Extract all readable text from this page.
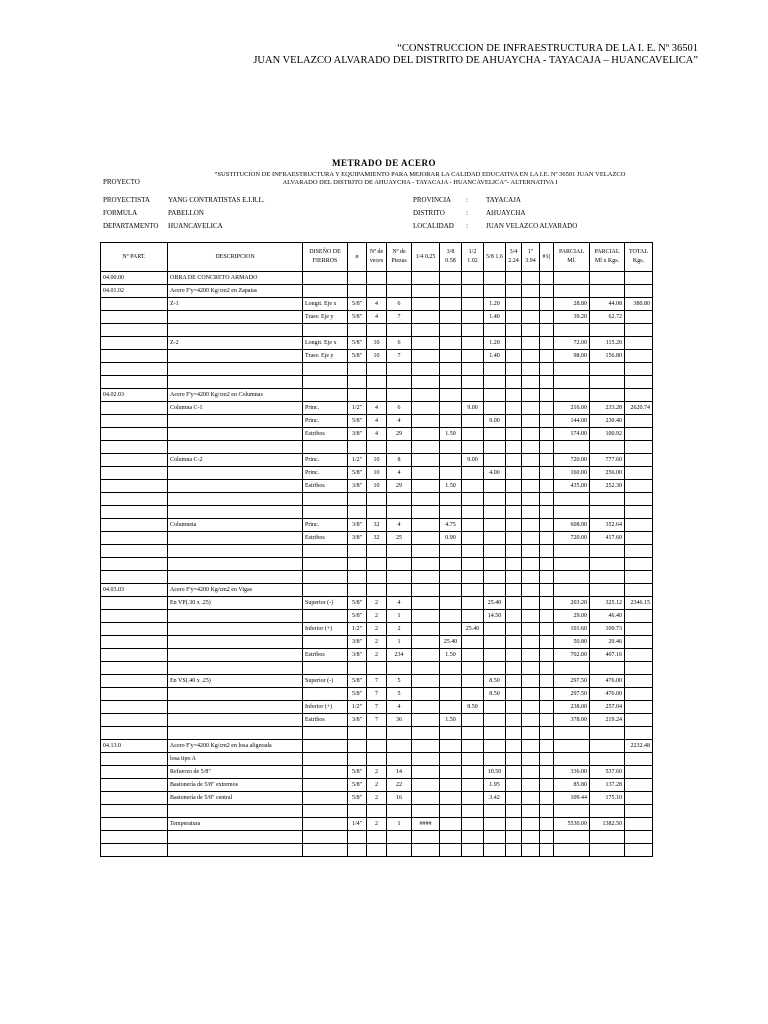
“CONSTRUCCION DE INFRAESTRUCTURA DE LA I. E. Nº 36501
JUAN VELAZCO ALVARADO DEL DISTRITO DE AHUAYCHA - TAYACAJA – HUANCAVELICA”
METRADO DE ACERO
PROYECTO
“SUSTITUCION DE INFRAESTRUCTURA Y EQUIPAMIENTO PARA MEJORAR LA CALIDAD EDUCATIVA EN LA I.E. Nº 36501 JUAN VELAZCO
ALVARADO DEL DISTRITO DE AHUAYCHA - TAYACAJA - HUANCAVELICA”- ALTERNATIVA I
PROYECTISTA	YANG CONTRATISTAS E.I.R.L.
FORMULA	PABELLON
DEPARTAMENTO HUANCAVELICA
PROVINCIA :	TAYACAJA
DISTRITO	:	AHUAYCHA
LOCALIDAD :	JUAN VELAZCO ALVARADO
Nº PART.	DESCRIPCION	DISEÑO DE FIERROS	ø	Nº de veces	Nº de Piezas	1/4 0.25	3/8 0.58	1/2 1.02	5/8 1.6	3/4 2.24	1" 3.94	#1(	PARCIAL Ml.	PARCIAL Ml x Kgs.	TOTAL Kgs.
04.00.00	OBRA DE CONCRETO ARMADO														
04.01.02	Acero F'y=4200 Kg/cm2 en Zapatas														
	Z-1	Longit. Eje x	5/8"	4	6				1.20				28.80	44.08	380.80
		Trasv. Eje y	5/8"	4	7				1.40				39.20	62.72	

	Z-2	Longit. Eje x	5/8"	10	6				1.20				72.00	115.20	
		Trasv. Eje y	5/8"	10	7				1.40				98.00	156.80	

04.02.03	Acero F'y=4200 Kg/cm2 en Columnas														
	Columna C-1	Princ.	1/2"	4	6			9.00					216.00	233.28	2620.74
		Princ.	5/8"	4	4				9.00				144.00	230.40	
		Estribos	3/8"	4	29		1.50						174.00	100.92	

	Columna C-2	Princ.	1/2"	10	8			9.00					720.00	777.60	
		Princ.	5/8"	10	4				4.00				160.00	256.00	
		Estribos	3/8"	10	29		1.50						435.00	252.30	

	Columneta	Princ.	3/8"	32	4		4.75						608.00	352.64	
		Estribos	3/8"	32	25		0.90						720.00	417.60	

04.03.03	Acero F'y=4200 Kg/cm2 en Vigas														
	En VP(.30 x .25)	Superior (-)	5/8"	2	4				25.40				203.20	325.12	2346.15
			5/8"	2	1				14.50				29.00	46.40	
		Inferior (+)	1/2"	2	2			25.40					101.60	109.73	
			3/8"	2	1		25.40						50.80	29.46	
		Estribos	3/8"	2	234		1.50						702.00	407.16	

	En VS(.40 x .25)	Superior (-)	5/8"	7	5				8.50				297.50	476.00	
			5/8"	7	5				8.50				297.50	476.00	
		Inferior (+)	1/2"	7	4			8.50					238.00	257.04	
		Estribos	3/8"	7	36		1.50						378.00	219.24	

04.13.0	Acero F'y=4200 Kg/cm2 en losa aligerada														2232.48
	losa tipo A														
	Refuerzo de 5/8"		5/8"	2	14				10.50				336.00	537.60	
	Bastonería de 5/8" extremos		5/8"	2	22				1.95				85.80	137.28	
	Bastonería de 5/8" central		5/8"	2	16				3.42				109.44	175.10	

	Temperatura		1/4"	2	1	####							5530.00	1382.50	
